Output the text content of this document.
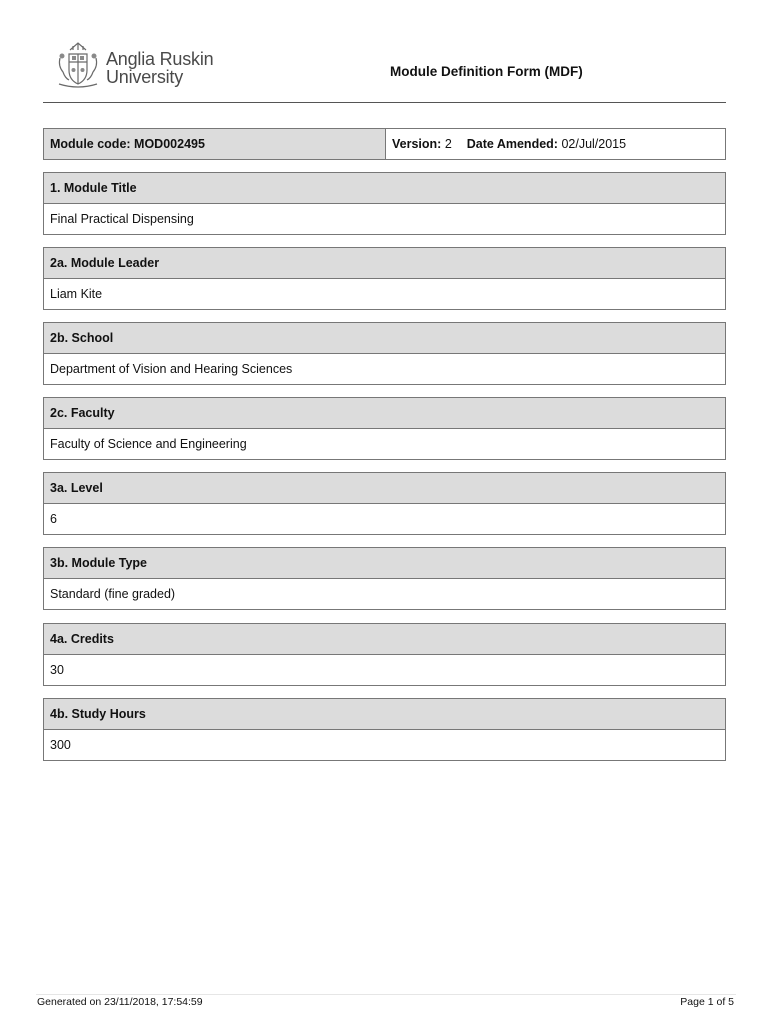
Anglia Ruskin
University	Module Definition Form (MDF)
Module code: MOD002495	Version: 2 Date Amended: 02/Jul/2015
1. Module Title
Final Practical Dispensing
2a. Module Leader
Liam Kite
2b. School
Department of Vision and Hearing Sciences
2c. Faculty
Faculty of Science and Engineering
3a. Level
6
3b. Module Type
Standard (fine graded)
4a. Credits
30
4b. Study Hours
300
Generated on 23/11/2018, 17:54:59	Page 1 of 5
